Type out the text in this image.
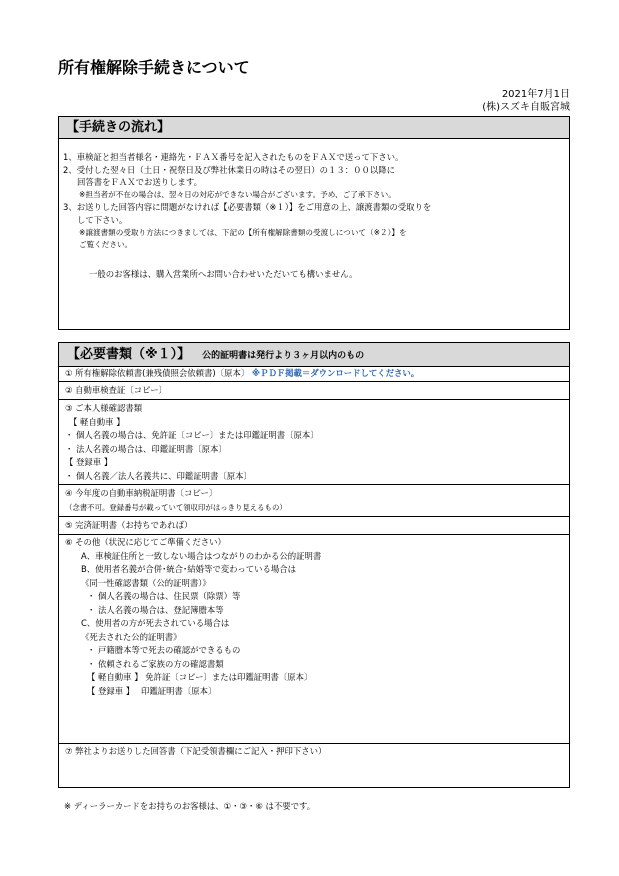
所有権解除手続きについて
2021年7月1日
(株)スズキ自販宮城
【手続きの流れ】
1、車検証と担当者様名・連絡先・ＦＡＸ番号を記入されたものをＦＡＸで送って下さい。
2、受付した翌々日（土日・祝祭日及び弊社休業日の時はその翌日）の１３：００以降に
回答書をＦＡＸでお送りします。
※担当者が不在の場合は、翌々日の対応ができない場合がございます。予め、ご了承下さい。
3、お送りした回答内容に問題がなければ【必要書類（※１）】をご用意の上、譲渡書類の受取りを
して下さい。
※譲渡書類の受取り方法につきましては、下記の【所有権解除書類の受渡しについて（※２）】を
ご覧ください。
一般のお客様は、購入営業所へお問い合わせいただいても構いません。
【必要書類（※１）】 公的証明書は発行より３ヶ月以内のもの
① 所有権解除依頼書(兼残債照会依頼書)〔原本〕 ※ＰＤＦ掲載＝ダウンロードしてください。
② 自動車検査証〔コピー〕
③ ご本人様確認書類
【 軽自動車 】
・ 個人名義の場合は、免許証〔コピー〕または印鑑証明書〔原本〕
・ 法人名義の場合は、印鑑証明書〔原本〕
【 登録車 】
・ 個人名義／法人名義共に、印鑑証明書〔原本〕
④ 今年度の自動車納税証明書〔コピー〕
（念書不可。登録番号が載っていて領収印がはっきり見えるもの）
⑤ 完済証明書（お持ちであれば）
⑥ その他（状況に応じてご準備ください）
A、車検証住所と一致しない場合はつながりのわかる公的証明書
B、使用者名義が合併･統合･結婚等で変わっている場合は
《同一性確認書類（公的証明書）》
・ 個人名義の場合は、住民票（除票）等
・ 法人名義の場合は、登記簿謄本等
C、使用者の方が死去されている場合は
《死去された公的証明書》
・ 戸籍謄本等で死去の確認ができるもの
・ 依頼されるご家族の方の確認書類
【 軽自動車 】 免許証〔コピー〕または印鑑証明書〔原本〕
【 登録車 】　 印鑑証明書〔原本〕
⑦ 弊社よりお送りした回答書（下記受領書欄にご記入・押印下さい）
※ ディーラーカードをお持ちのお客様は、①・③・⑥ は不要です。
